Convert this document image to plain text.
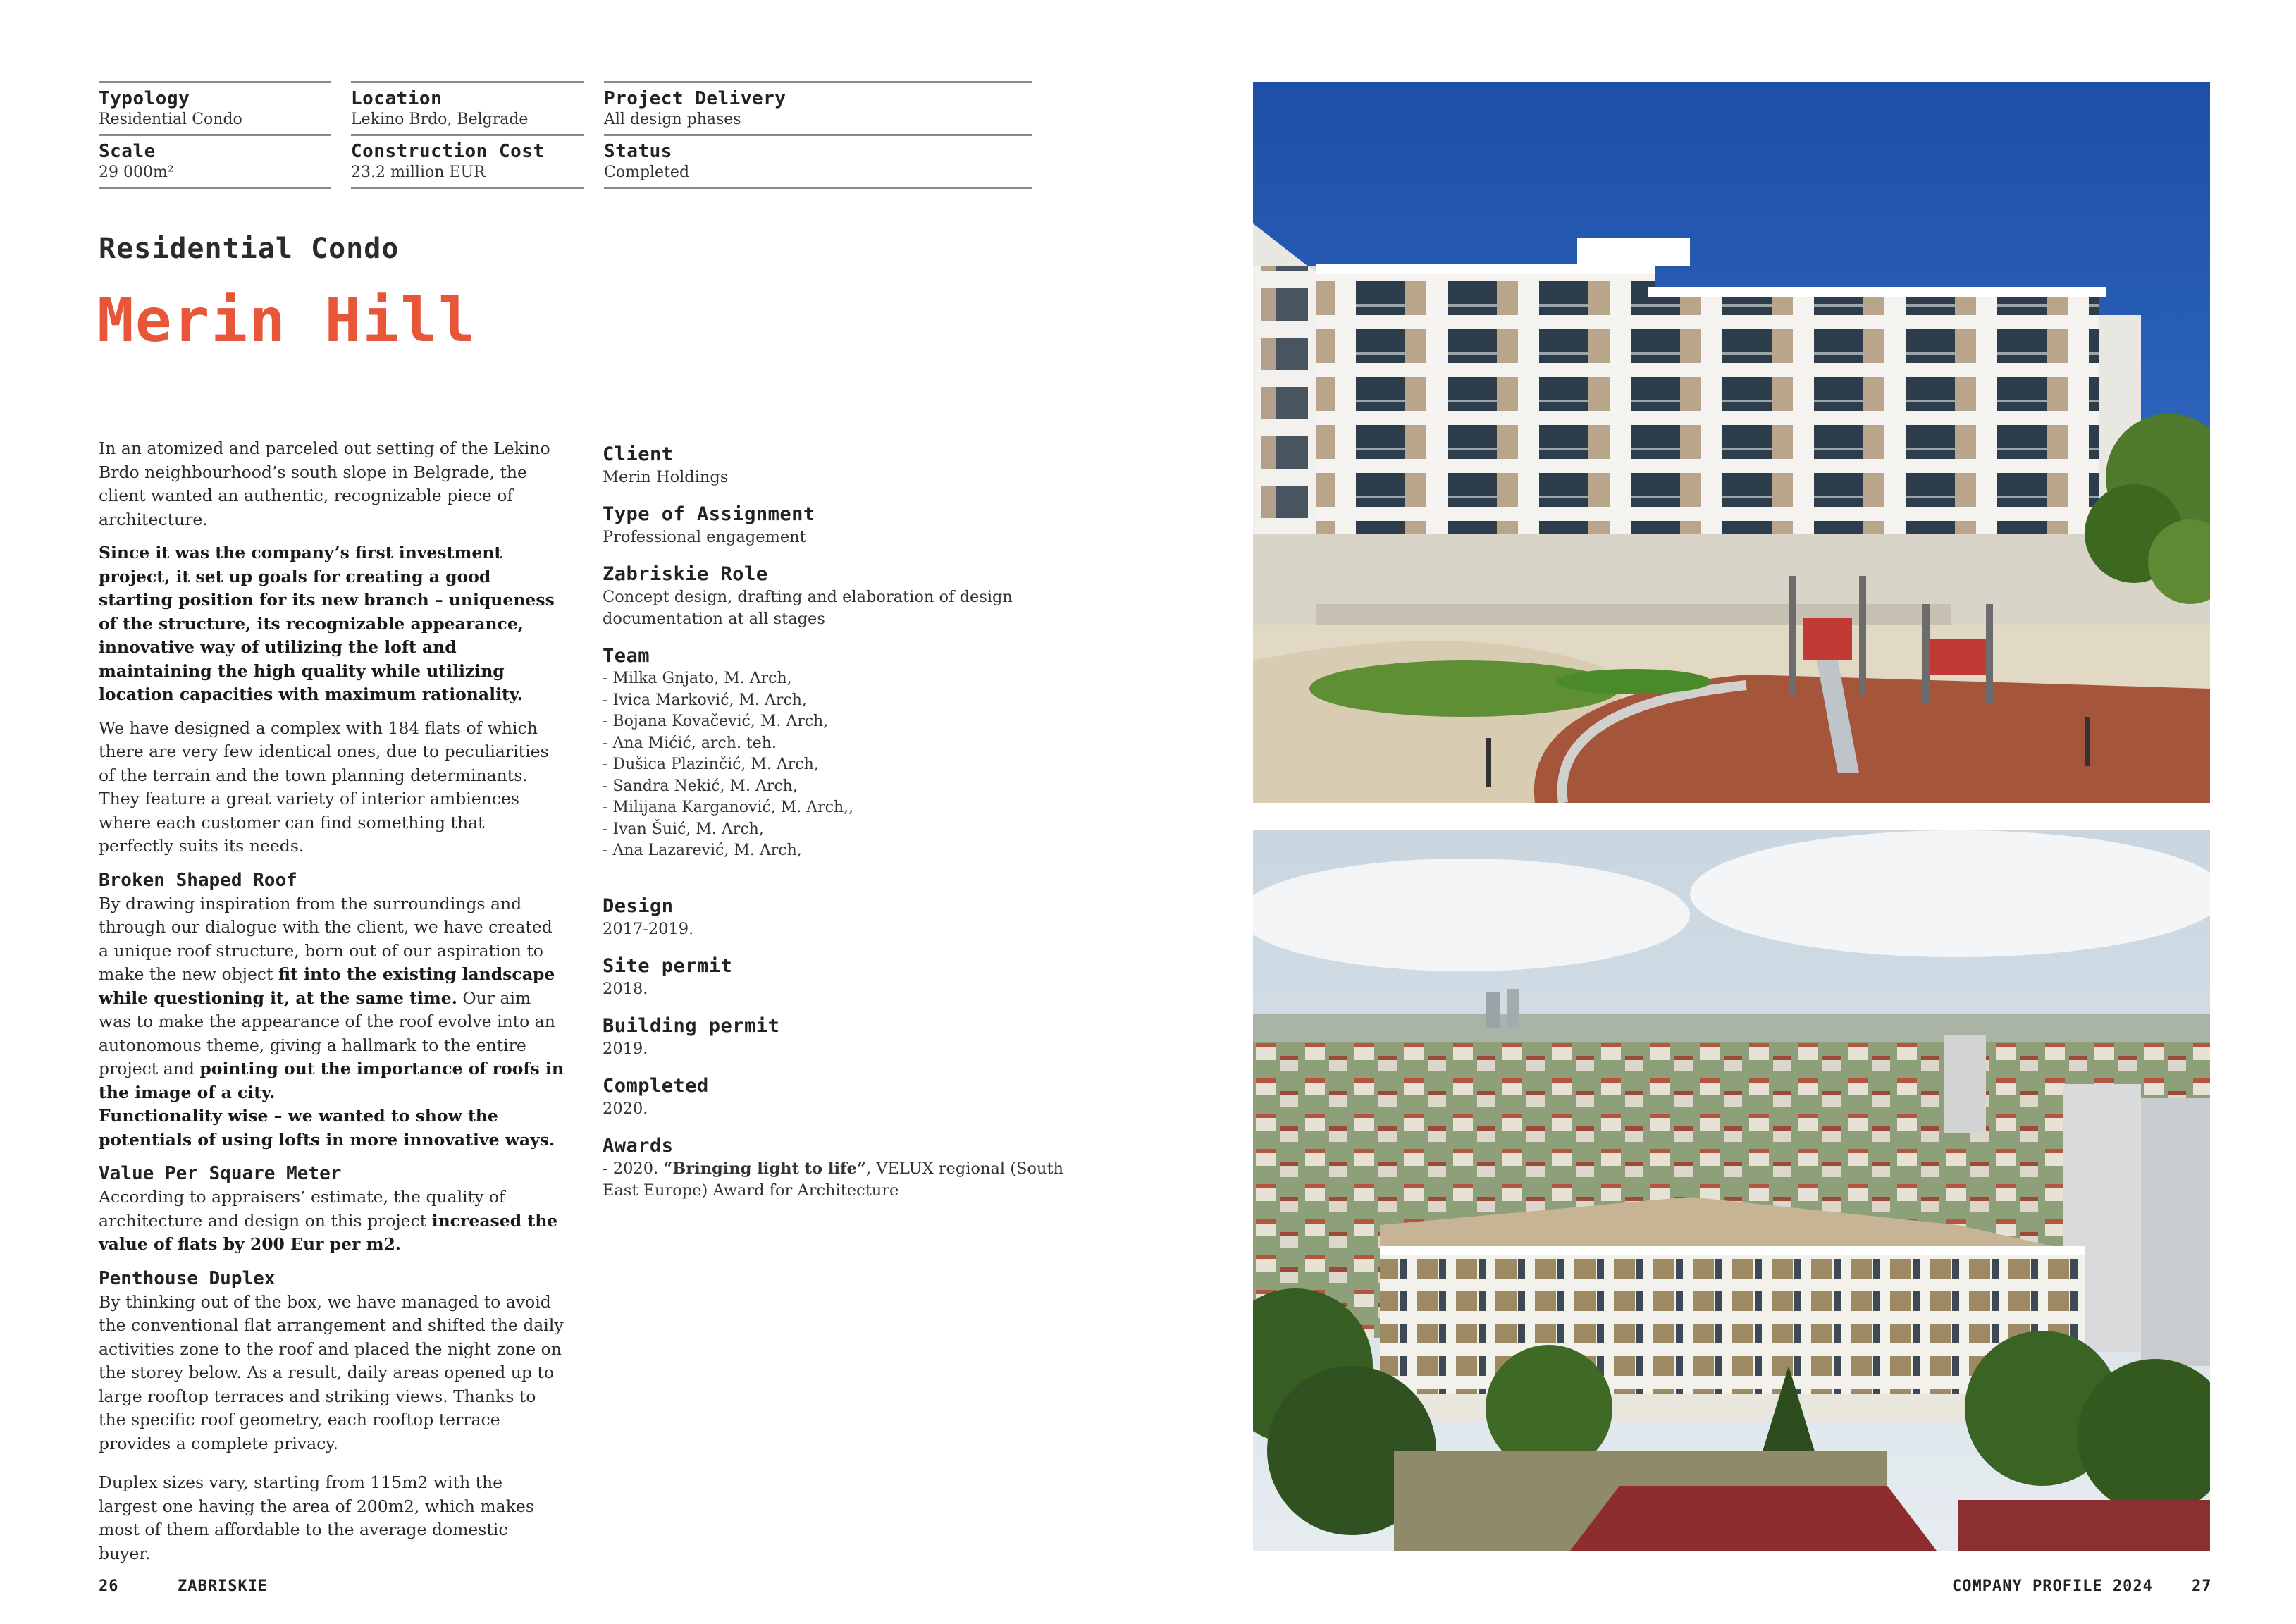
Typology
Residential Condo
Scale
29 000m²
Location
Lekino Brdo, Belgrade
Construction Cost
23.2 million EUR
Project Delivery
All design phases
Status
Completed
Residential Condo
Merin Hill

In an atomized and parceled out setting of the Lekino Brdo neighbourhood’s south slope in Belgrade, the client wanted an authentic, recognizable piece of architecture.

Since it was the company’s first investment project, it set up goals for creating a good starting position for its new branch – uniqueness of the structure, its recognizable appearance, innovative way of utilizing the loft and maintaining the high quality while utilizing location capacities with maximum rationality.

We have designed a complex with 184 flats of which there are very few identical ones, due to peculiarities of the terrain and the town planning determinants. They feature a great variety of interior ambiences where each customer can find something that perfectly suits its needs.

Broken Shaped Roof

By drawing inspiration from the surroundings and through our dialogue with the client, we have created a unique roof structure, born out of our aspiration to make the new object fit into the existing landscape while questioning it, at the same time. Our aim was to make the appearance of the roof evolve into an autonomous theme, giving a hallmark to the entire project and pointing out the importance of roofs in the image of a city.
Functionality wise – we wanted to show the potentials of using lofts in more innovative ways.

Value Per Square Meter

According to appraisers’ estimate, the quality of architecture and design on this project increased the value of flats by 200 Eur per m2.

Penthouse Duplex

By thinking out of the box, we have managed to avoid the conventional flat arrangement and shifted the daily activities zone to the roof and placed the night zone on the storey below. As a result, daily areas opened up to large rooftop terraces and striking views. Thanks to the specific roof geometry, each rooftop terrace provides a complete privacy.

Duplex sizes vary, starting from 115m2 with the largest one having the area of 200m2, which makes most of them affordable to the average domestic buyer.

Client
Merin Holdings
Type of Assignment
Professional engagement
Zabriskie Role
Concept design, drafting and elaboration of design documentation at all stages
Team
- Milka Gnjato, M. Arch,
- Ivica Marković, M. Arch,
- Bojana Kovačević, M. Arch,
- Ana Mićić, arch. teh.
- Dušica Plazinčić, M. Arch,
- Sandra Nekić, M. Arch,
- Milijana Karganović, M. Arch,,
- Ivan Šuić, M. Arch,
- Ana Lazarević, M. Arch,
Design
2017-2019.
Site permit
2018.
Building permit
2019.
Completed
2020.
Awards
- 2020. “Bringing light to life”, VELUX regional (South East Europe) Award for Architecture
26	ZABRISKIE	COMPANY PROFILE 2024	27
